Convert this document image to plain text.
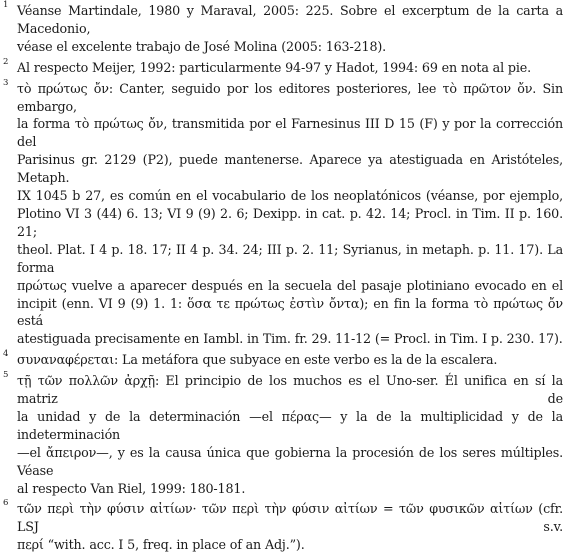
1 Véanse Martindale, 1980 y Maraval, 2005: 225. Sobre el excerptum de la carta a Macedonio,
véase el excelente trabajo de José Molina (2005: 163-218).
2 Al respecto Meijer, 1992: particularmente 94-97 y Hadot, 1994: 69 en nota al pie.
3 τὸ πρώτως ὄν: Canter, seguido por los editores posteriores, lee τὸ πρῶτον ὄν. Sin embargo,
la forma τὸ πρώτως ὄν, transmitida por el Farnesinus III D 15 (F) y por la corrección del
Parisinus gr. 2129 (P2), puede mantenerse. Aparece ya atestiguada en Aristóteles, Metaph.
IX 1045 b 27, es común en el vocabulario de los neoplatónicos (véanse, por ejemplo,
Plotino VI 3 (44) 6. 13; VI 9 (9) 2. 6; Dexipp. in cat. p. 42. 14; Procl. in Tim. II p. 160. 21;
theol. Plat. I 4 p. 18. 17; II 4 p. 34. 24; III p. 2. 11; Syrianus, in metaph. p. 11. 17). La forma
πρώτως vuelve a aparecer después en la secuela del pasaje plotiniano evocado en el
incipit (enn. VI 9 (9) 1. 1: ὅσα τε πρώτως ἐστὶν ὄντα); en fin la forma τὸ πρώτως ὄν está
atestiguada precisamente en Iambl. in Tim. fr. 29. 11-12 (= Procl. in Tim. I p. 230. 17).
4 συναναφέρεται: La metáfora que subyace en este verbo es la de la escalera.
5 τῇ τῶν πολλῶν ἀρχῇ: El principio de los muchos es el Uno-ser. Él unifica en sí la matriz de
la unidad y de la determinación —el πέρας— y la de la multiplicidad y de la indeterminación
—el ἄπειρον—, y es la causa única que gobierna la procesión de los seres múltiples. Véase
al respecto Van Riel, 1999: 180-181.
6 τῶν περὶ τὴν φύσιν αἰτίων· τῶν περὶ τὴν φύσιν αἰτίων = τῶν φυσικῶν αἰτίων (cfr. LSJ s.v.
περί “with. acc. I 5, freq. in place of an Adj.”).
